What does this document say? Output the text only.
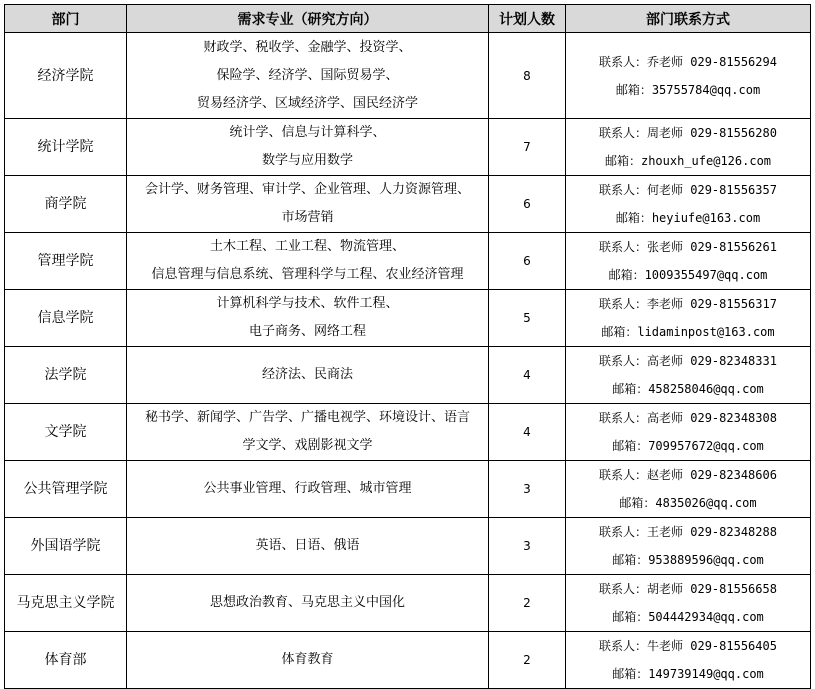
部门	需求专业（研究方向）	计划人数	部门联系方式
经济学院	财政学、税收学、金融学、投资学、
保险学、经济学、国际贸易学、
贸易经济学、区域经济学、国民经济学	8	联系人：乔老师 029-81556294
邮箱：35755784@qq.com

统计学院	统计学、信息与计算科学、
数学与应用数学	7	联系人：周老师 029-81556280
邮箱：zhouxh_ufe@126.com

商学院	会计学、财务管理、审计学、企业管理、人力资源管理、
市场营销	6	联系人：何老师 029-81556357
邮箱：heyiufe@163.com

管理学院	土木工程、工业工程、物流管理、
信息管理与信息系统、管理科学与工程、农业经济管理	6	联系人：张老师 029-81556261
邮箱：1009355497@qq.com

信息学院	计算机科学与技术、软件工程、
电子商务、网络工程	5	联系人：李老师 029-81556317
邮箱：lidaminpost@163.com

法学院	经济法、民商法	4	联系人：高老师 029-82348331
邮箱：458258046@qq.com

文学院	秘书学、新闻学、广告学、广播电视学、环境设计、语言
学文学、戏剧影视文学	4	联系人：高老师 029-82348308
邮箱：709957672@qq.com

公共管理学院	公共事业管理、行政管理、城市管理	3	联系人：赵老师 029-82348606
邮箱：4835026@qq.com

外国语学院	英语、日语、俄语	3	联系人：王老师 029-82348288
邮箱：953889596@qq.com

马克思主义学院	思想政治教育、马克思主义中国化	2	联系人：胡老师 029-81556658
邮箱：504442934@qq.com

体育部	体育教育	2	联系人：牛老师 029-81556405
邮箱：149739149@qq.com
